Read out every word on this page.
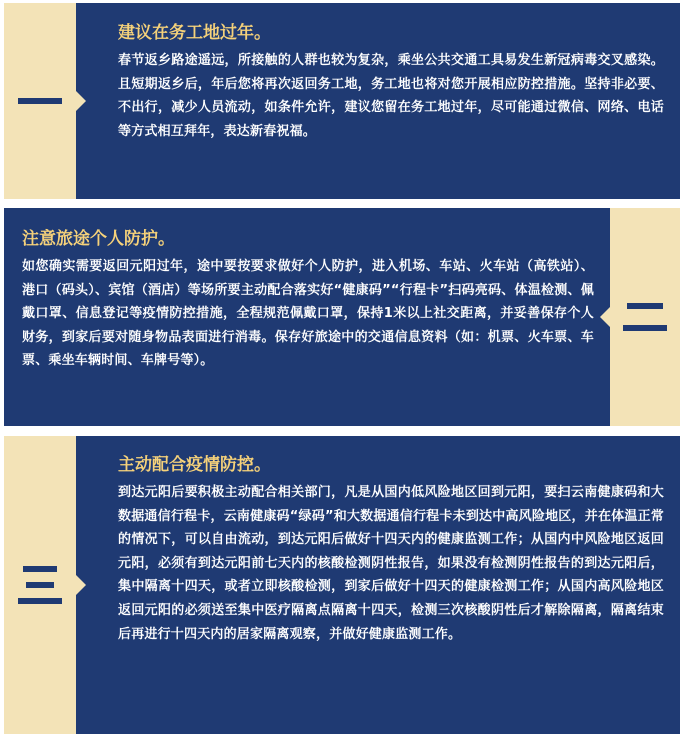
建议在务工地过年。
春节返乡路途遥远，所接触的人群也较为复杂，乘坐公共交通工具易发生新冠病毒交叉感染。且短期返乡后，年后您将再次返回务工地，务工地也将对您开展相应防控措施。坚持非必要、不出行，减少人员流动，如条件允许，建议您留在务工地过年，尽可能通过微信、网络、电话等方式相互拜年，表达新春祝福。
注意旅途个人防护。
如您确实需要返回元阳过年，途中要按要求做好个人防护，进入机场、车站、火车站（高铁站）、港口（码头）、宾馆（酒店）等场所要主动配合落实好“健康码”“行程卡”扫码亮码、体温检测、佩戴口罩、信息登记等疫情防控措施，全程规范佩戴口罩，保持1米以上社交距离，并妥善保存个人财务，到家后要对随身物品表面进行消毒。保存好旅途中的交通信息资料（如：机票、火车票、车票、乘坐车辆时间、车牌号等）。
主动配合疫情防控。
到达元阳后要积极主动配合相关部门，凡是从国内低风险地区回到元阳，要扫云南健康码和大数据通信行程卡，云南健康码“绿码”和大数据通信行程卡未到达中高风险地区，并在体温正常的情况下，可以自由流动，到达元阳后做好十四天内的健康监测工作；从国内中风险地区返回元阳，必须有到达元阳前七天内的核酸检测阴性报告，如果没有检测阴性报告的到达元阳后，集中隔离十四天，或者立即核酸检测，到家后做好十四天的健康检测工作；从国内高风险地区返回元阳的必须送至集中医疗隔离点隔离十四天，检测三次核酸阴性后才解除隔离，隔离结束后再进行十四天内的居家隔离观察，并做好健康监测工作。
